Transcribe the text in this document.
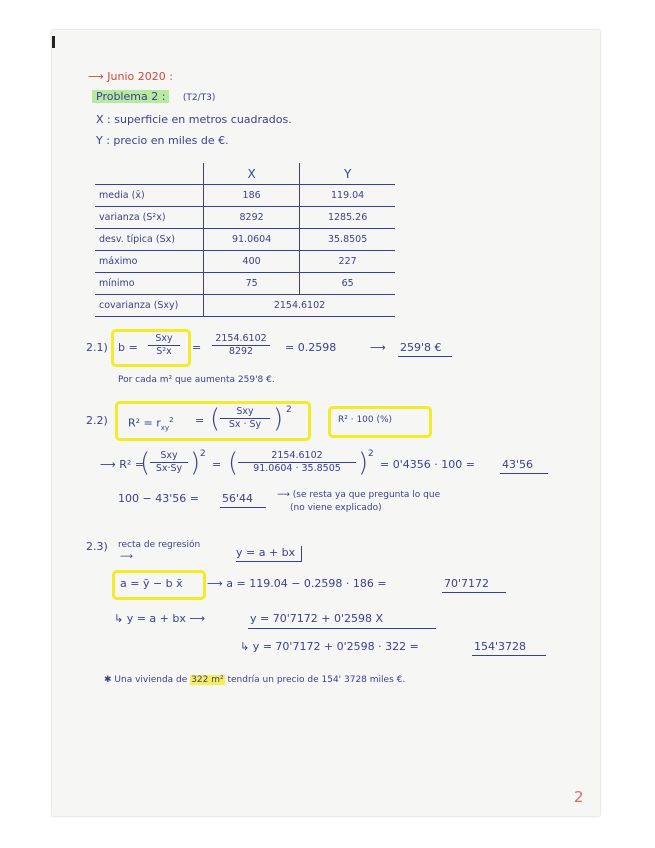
⟶ Junio 2020 :
Problema 2 : (T2/T3)
X : superficie en metros cuadrados.
Y : precio en miles de €.
	X	Y
media (x̄)	186	119.04
varianza (S²x)	8292	1285.26
desv. típica (Sx)	91.0604	35.8505
máximo	400	227
mínimo	75	65
covarianza (Sxy)	2154.6102	
2.1) b =
Sxy
S²x	= $\frac{2154.6102}{8292} = 0.2598$	⟶ 259'8 €
Por cada m² que aumenta 259'8 €.
2.2) $R^2 = r_{xy}^2$ = (	Sxy
Sx · Sy ) 2
R² · 100 (%)
⟶ R² =
(	Sxy
Sx·Sy ) 2
= ( $\frac{2154.6102}{91.0604 \cdot 35.8505}$ ) 2
= 0'4356 · 100 = 43'56
100 − 43'56 = 56'44	⟶ (se resta ya que pregunta lo que
(no viene explicado)
2.3) recta de regresión
⟶	y = a + bx
a = ȳ − b x̄ ⟶ a = 119.04 − 0.2598 · 186 =	70'7172
↳ y = a + bx ⟶	y = 70'7172 + 0'2598 X
↳ y = 70'7172 + 0'2598 · 322 =	154'3728
✱ Una vivienda de 322 m² tendría un precio de 154' 3728 miles €.
2
